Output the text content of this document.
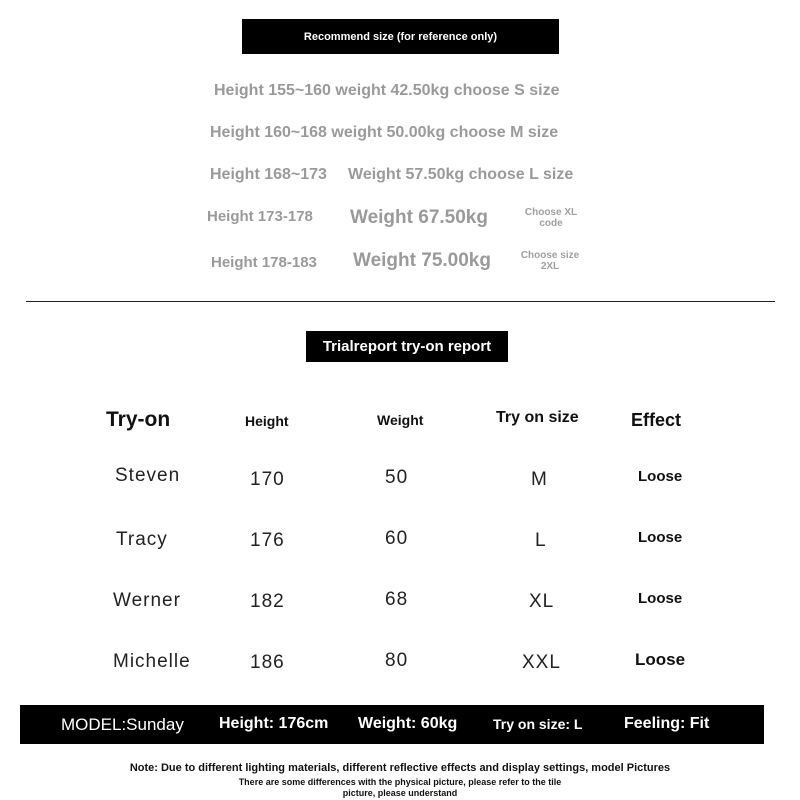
Recommend size (for reference only)
Height 155~160 weight 42.50kg choose S size
Height 160~168 weight 50.00kg choose M size
Height 168~173 Weight 57.50kg choose L size
Height 173-178 Weight 67.50kg	Choose XL code
Height 178-183 Weight 75.00kg	Choose size 2XL
Trialreport try-on report
Try-on	Height	Weight	Try on size	Effect
Steven	170	50	M	Loose
Tracy	176	60	L	Loose
Werner	182	68	XL	Loose
Michelle	186	80	XXL	Loose
MODEL:Sunday Height: 176cm Weight: 60kg	Try on size: L	Feeling: Fit
Note: Due to different lighting materials, different reflective effects and display settings, model Pictures
There are some differences with the physical picture, please refer to the tile
picture, please understand
